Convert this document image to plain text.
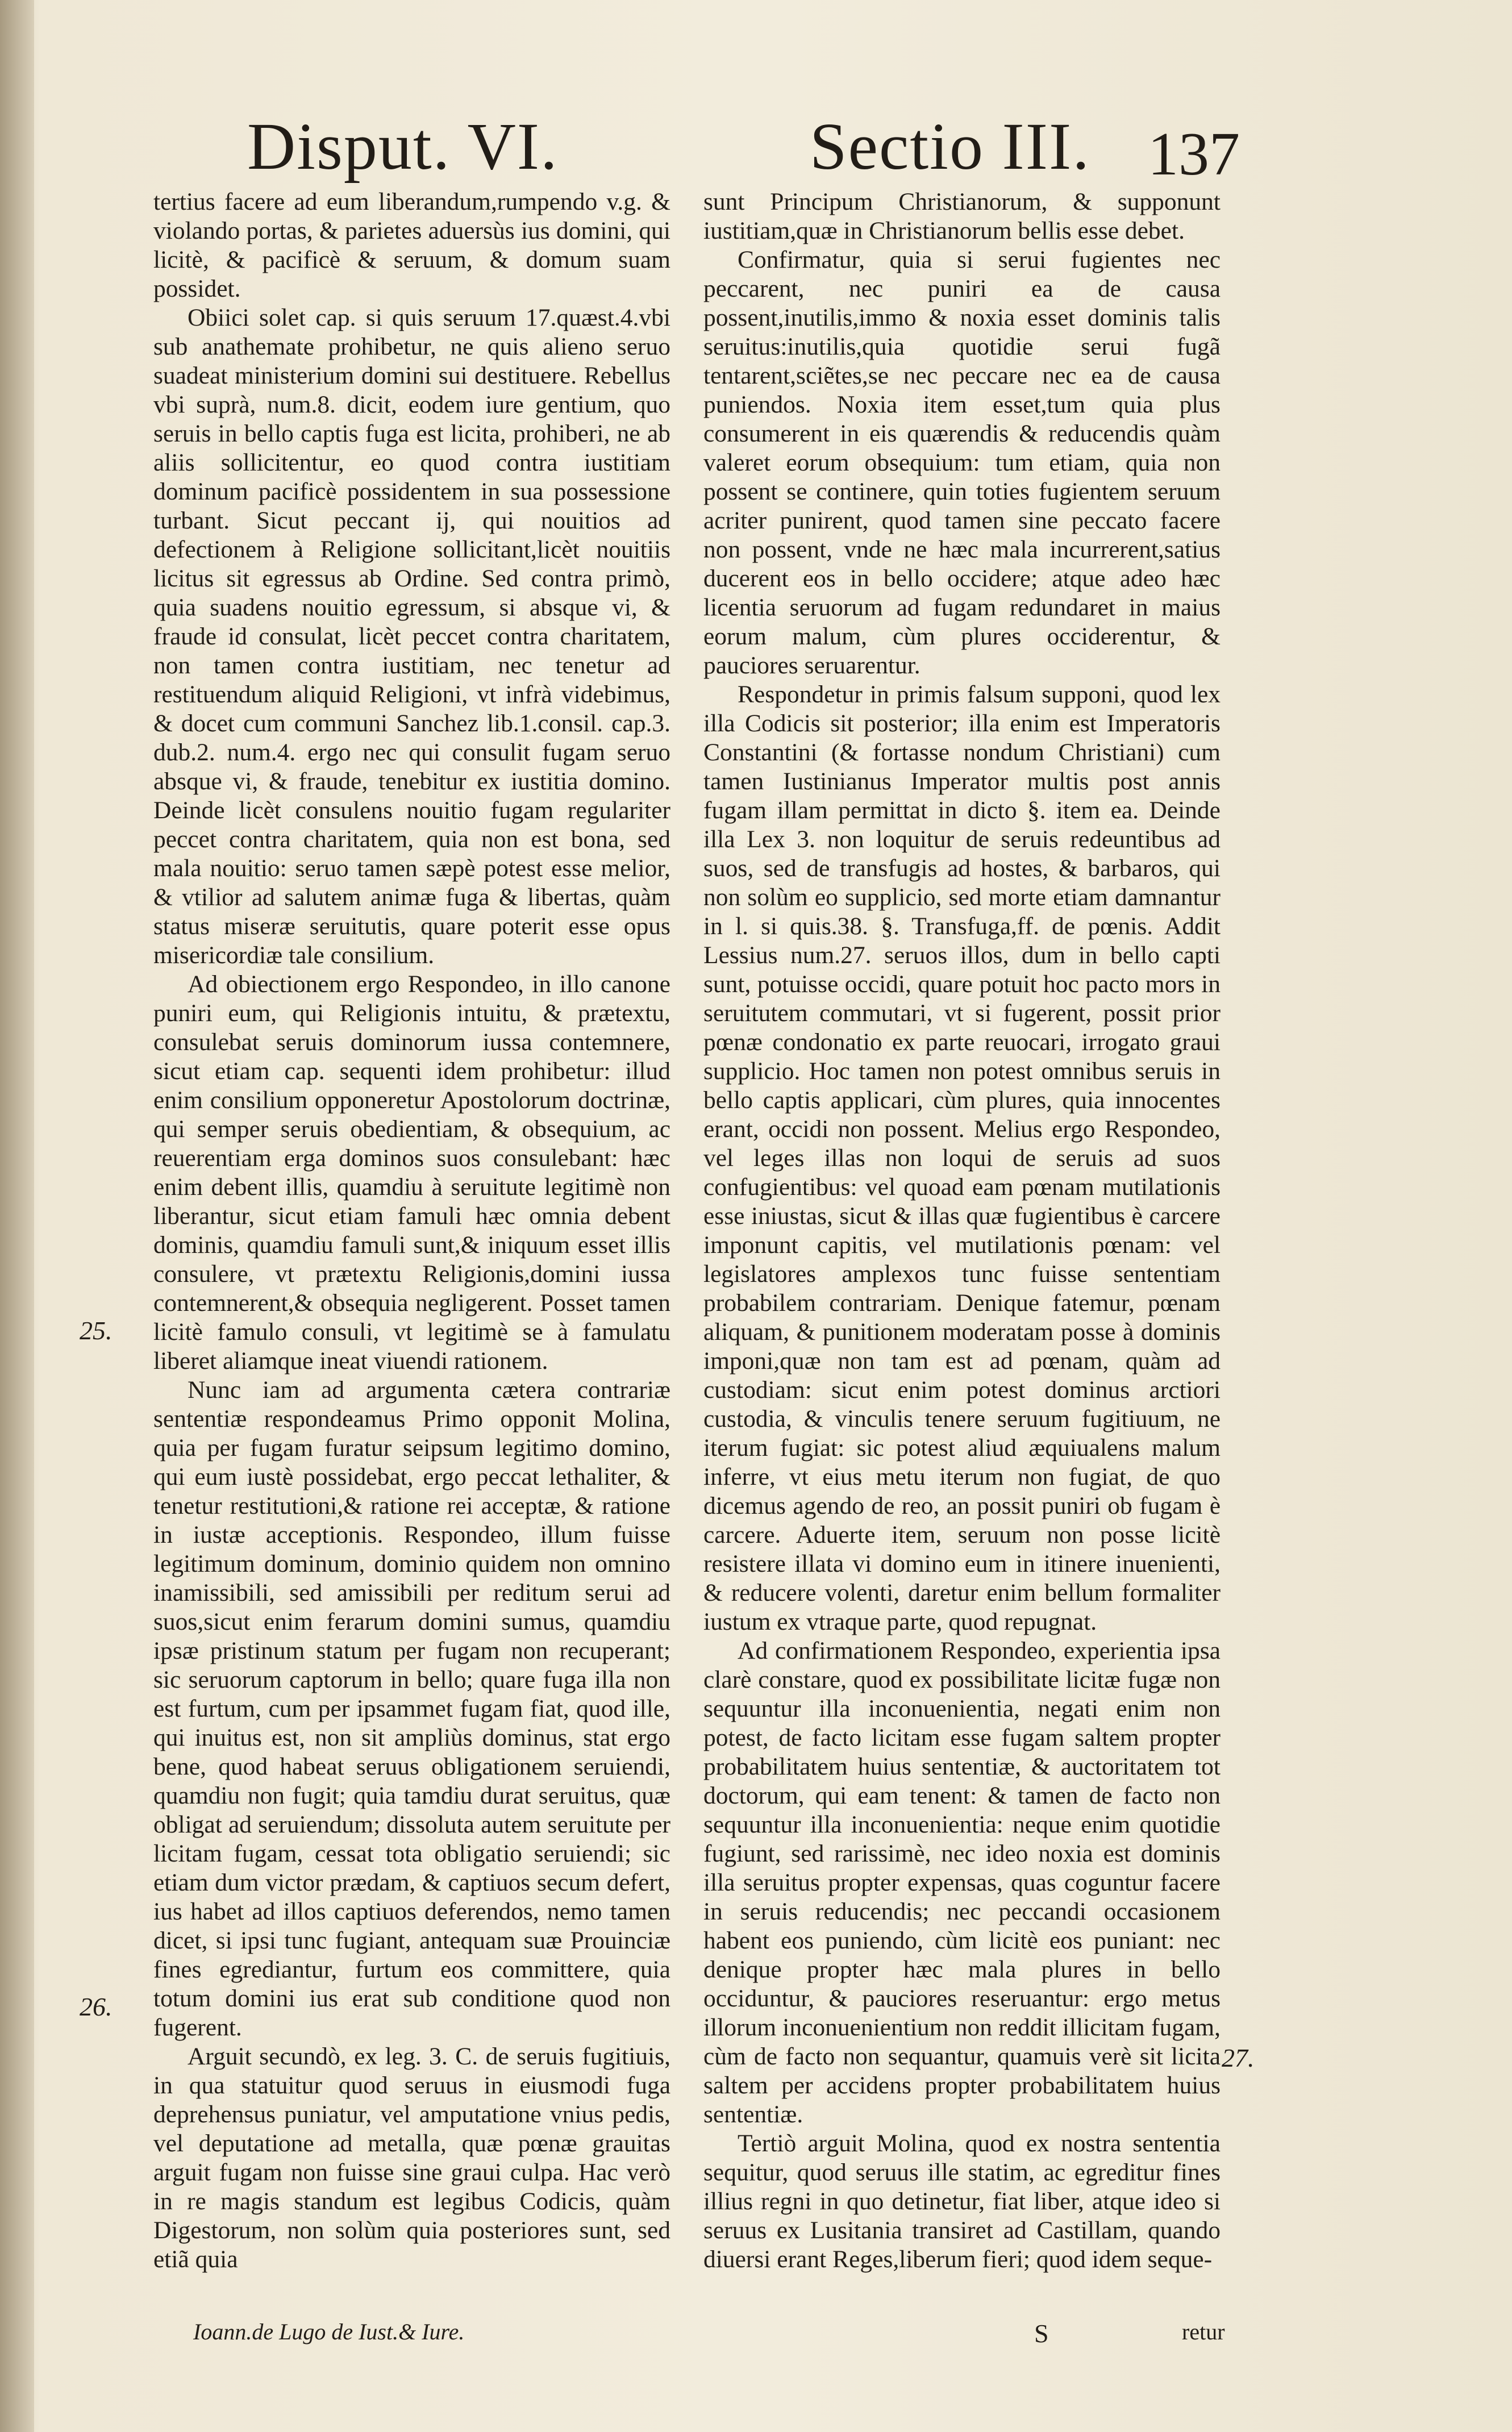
Disput. VI.	Sectio III. 137

tertius facere ad eum liberandum,rumpendo v.g. & violando portas, & parietes aduersùs ius domini, qui licitè, & pacificè & seruum, & domum suam possidet.

Obiici solet cap. si quis seruum 17.quæst.4.vbi sub anathemate prohibetur, ne quis alieno seruo suadeat ministerium domini sui destituere. Rebellus vbi suprà, num.8. dicit, eodem iure gentium, quo seruis in bello captis fuga est licita, prohiberi, ne ab aliis sollicitentur, eo quod contra iustitiam dominum pacificè possidentem in sua possessione turbant. Sicut peccant ij, qui nouitios ad defectionem à Religione sollicitant,licèt nouitiis licitus sit egressus ab Ordine. Sed contra primò, quia suadens nouitio egressum, si absque vi, & fraude id consulat, licèt peccet contra charitatem, non tamen contra iustitiam, nec tenetur ad restituendum aliquid Religioni, vt infrà videbimus, & docet cum communi Sanchez lib.1.consil. cap.3. dub.2. num.4. ergo nec qui consulit fugam seruo absque vi, & fraude, tenebitur ex iustitia domino. Deinde licèt consulens nouitio fugam regulariter peccet contra charitatem, quia non est bona, sed mala nouitio: seruo tamen sæpè potest esse melior, & vtilior ad salutem animæ fuga & libertas, quàm status miseræ seruitutis, quare poterit esse opus misericordiæ tale consilium.

Ad obiectionem ergo Respondeo, in illo canone puniri eum, qui Religionis intuitu, & prætextu, consulebat seruis dominorum iussa contemnere, sicut etiam cap. sequenti idem prohibetur: illud enim consilium opponeretur Apostolorum doctrinæ, qui semper seruis obedientiam, & obsequium, ac reuerentiam erga dominos suos consulebant: hæc enim debent illis, quamdiu à seruitute legitimè non liberantur, sicut etiam famuli hæc omnia debent dominis, quamdiu famuli sunt,& iniquum esset illis consulere, vt prætextu Religionis,domini iussa contemnerent,& obsequia negligerent. Posset tamen licitè famulo consuli, vt legitimè se à famulatu liberet aliamque ineat viuendi rationem.

Nunc iam ad argumenta cætera contrariæ sententiæ respondeamus Primo opponit Molina, quia per fugam furatur seipsum legitimo domino, qui eum iustè possidebat, ergo peccat lethaliter, & tenetur restitutioni,& ratione rei acceptæ, & ratione in iustæ acceptionis. Respondeo, illum fuisse legitimum dominum, dominio quidem non omnino inamissibili, sed amissibili per reditum serui ad suos,sicut enim ferarum domini sumus, quamdiu ipsæ pristinum statum per fugam non recuperant; sic seruorum captorum in bello; quare fuga illa non est furtum, cum per ipsammet fugam fiat, quod ille, qui inuitus est, non sit ampliùs dominus, stat ergo bene, quod habeat seruus obligationem seruiendi, quamdiu non fugit; quia tamdiu durat seruitus, quæ obligat ad seruiendum; dissoluta autem seruitute per licitam fugam, cessat tota obligatio seruiendi; sic etiam dum victor prædam, & captiuos secum defert, ius habet ad illos captiuos deferendos, nemo tamen dicet, si ipsi tunc fugiant, antequam suæ Prouinciæ fines egrediantur, furtum eos committere, quia totum domini ius erat sub conditione quod non fugerent.

Arguit secundò, ex leg. 3. C. de seruis fugitiuis, in qua statuitur quod seruus in eiusmodi fuga deprehensus puniatur, vel amputatione vnius pedis, vel deputatione ad metalla, quæ pœnæ grauitas arguit fugam non fuisse sine graui culpa. Hac verò in re magis standum est legibus Codicis, quàm Digestorum, non solùm quia posteriores sunt, sed etiã quia

sunt Principum Christianorum, & supponunt iustitiam,quæ in Christianorum bellis esse debet.

Confirmatur, quia si serui fugientes nec peccarent, nec puniri ea de causa possent,inutilis,immo & noxia esset dominis talis seruitus:inutilis,quia quotidie serui fugã tentarent,sciẽtes,se nec peccare nec ea de causa puniendos. Noxia item esset,tum quia plus consumerent in eis quærendis & reducendis quàm valeret eorum obsequium: tum etiam, quia non possent se continere, quin toties fugientem seruum acriter punirent, quod tamen sine peccato facere non possent, vnde ne hæc mala incurrerent,satius ducerent eos in bello occidere; atque adeo hæc licentia seruorum ad fugam redundaret in maius eorum malum, cùm plures occiderentur, & pauciores seruarentur.

Respondetur in primis falsum supponi, quod lex illa Codicis sit posterior; illa enim est Imperatoris Constantini (& fortasse nondum Christiani) cum tamen Iustinianus Imperator multis post annis fugam illam permittat in dicto §. item ea. Deinde illa Lex 3. non loquitur de seruis redeuntibus ad suos, sed de transfugis ad hostes, & barbaros, qui non solùm eo supplicio, sed morte etiam damnantur in l. si quis.38. §. Transfuga,ff. de pœnis. Addit Lessius num.27. seruos illos, dum in bello capti sunt, potuisse occidi, quare potuit hoc pacto mors in seruitutem commutari, vt si fugerent, possit prior pœnæ condonatio ex parte reuocari, irrogato graui supplicio. Hoc tamen non potest omnibus seruis in bello captis applicari, cùm plures, quia innocentes erant, occidi non possent. Melius ergo Respondeo, vel leges illas non loqui de seruis ad suos confugientibus: vel quoad eam pœnam mutilationis esse iniustas, sicut & illas quæ fugientibus è carcere imponunt capitis, vel mutilationis pœnam: vel legislatores amplexos tunc fuisse sententiam probabilem contrariam. Denique fatemur, pœnam aliquam, & punitionem moderatam posse à dominis imponi,quæ non tam est ad pœnam, quàm ad custodiam: sicut enim potest dominus arctiori custodia, & vinculis tenere seruum fugitiuum, ne iterum fugiat: sic potest aliud æquiualens malum inferre, vt eius metu iterum non fugiat, de quo dicemus agendo de reo, an possit puniri ob fugam è carcere. Aduerte item, seruum non posse licitè resistere illata vi domino eum in itinere inuenienti, & reducere volenti, daretur enim bellum formaliter iustum ex vtraque parte, quod repugnat.

Ad confirmationem Respondeo, experientia ipsa clarè constare, quod ex possibilitate licitæ fugæ non sequuntur illa inconuenientia, negati enim non potest, de facto licitam esse fugam saltem propter probabilitatem huius sententiæ, & auctoritatem tot doctorum, qui eam tenent: & tamen de facto non sequuntur illa inconuenientia: neque enim quotidie fugiunt, sed rarissimè, nec ideo noxia est dominis illa seruitus propter expensas, quas coguntur facere in seruis reducendis; nec peccandi occasionem habent eos puniendo, cùm licitè eos puniant: nec denique propter hæc mala plures in bello occiduntur, & pauciores reseruantur: ergo metus illorum inconuenientium non reddit illicitam fugam, cùm de facto non sequantur, quamuis verè sit licita saltem per accidens propter probabilitatem huius sententiæ.

Tertiò arguit Molina, quod ex nostra sententia sequitur, quod seruus ille statim, ac egreditur fines illius regni in quo detinetur, fiat liber, atque ideo si seruus ex Lusitania transiret ad Castillam, quando diuersi erant Reges,liberum fieri; quod idem seque-

25.
26.
27.
Ioann.de Lugo de Iust.& Iure.	S	retur
